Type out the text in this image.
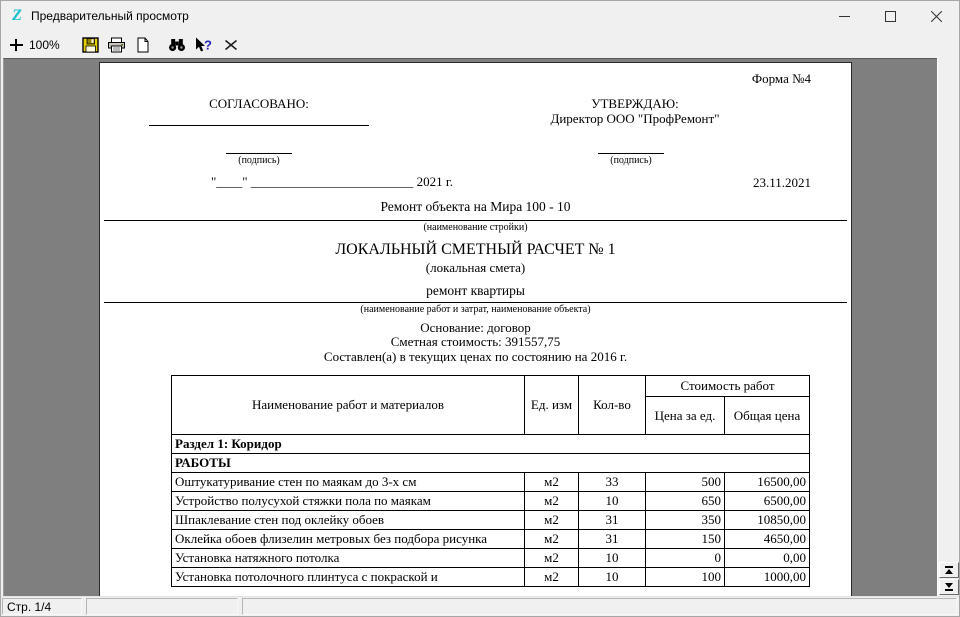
Z Предварительный просмотр
100%	?
Форма №4
СОГЛАСОВАНО:	УТВЕРЖДАЮ:
Директор ООО "ПрофРемонт"
(подпись)	(подпись)
"____" _________________________ 2021 г.	23.11.2021
Ремонт объекта на Мира 100 - 10
(наименование стройки)
ЛОКАЛЬНЫЙ СМЕТНЫЙ РАСЧЕТ № 1
(локальная смета)
ремонт квартиры
(наименование работ и затрат, наименование объекта)
Основание: договор
Сметная стоимость: 391557,75
Составлен(а) в текущих ценах по состоянию на 2016 г.
Наименование работ и материалов	Ед. изм	Кол-во	Стоимость работ	
			Цена за ед.	Общая цена
Раздел 1: Коридор				
РАБОТЫ				
Оштукатуривание стен по маякам до 3-х см	м2	33	500	16500,00
Устройство полусухой стяжки пола по маякам	м2	10	650	6500,00
Шпаклевание стен под оклейку обоев	м2	31	350	10850,00
Оклейка обоев флизелин метровых без подбора рисунка	м2	31	150	4650,00
Установка натяжного потолка	м2	10	0	0,00
Установка потолочного плинтуса с покраской и	м2	10	100	1000,00
Стр. 1/4
